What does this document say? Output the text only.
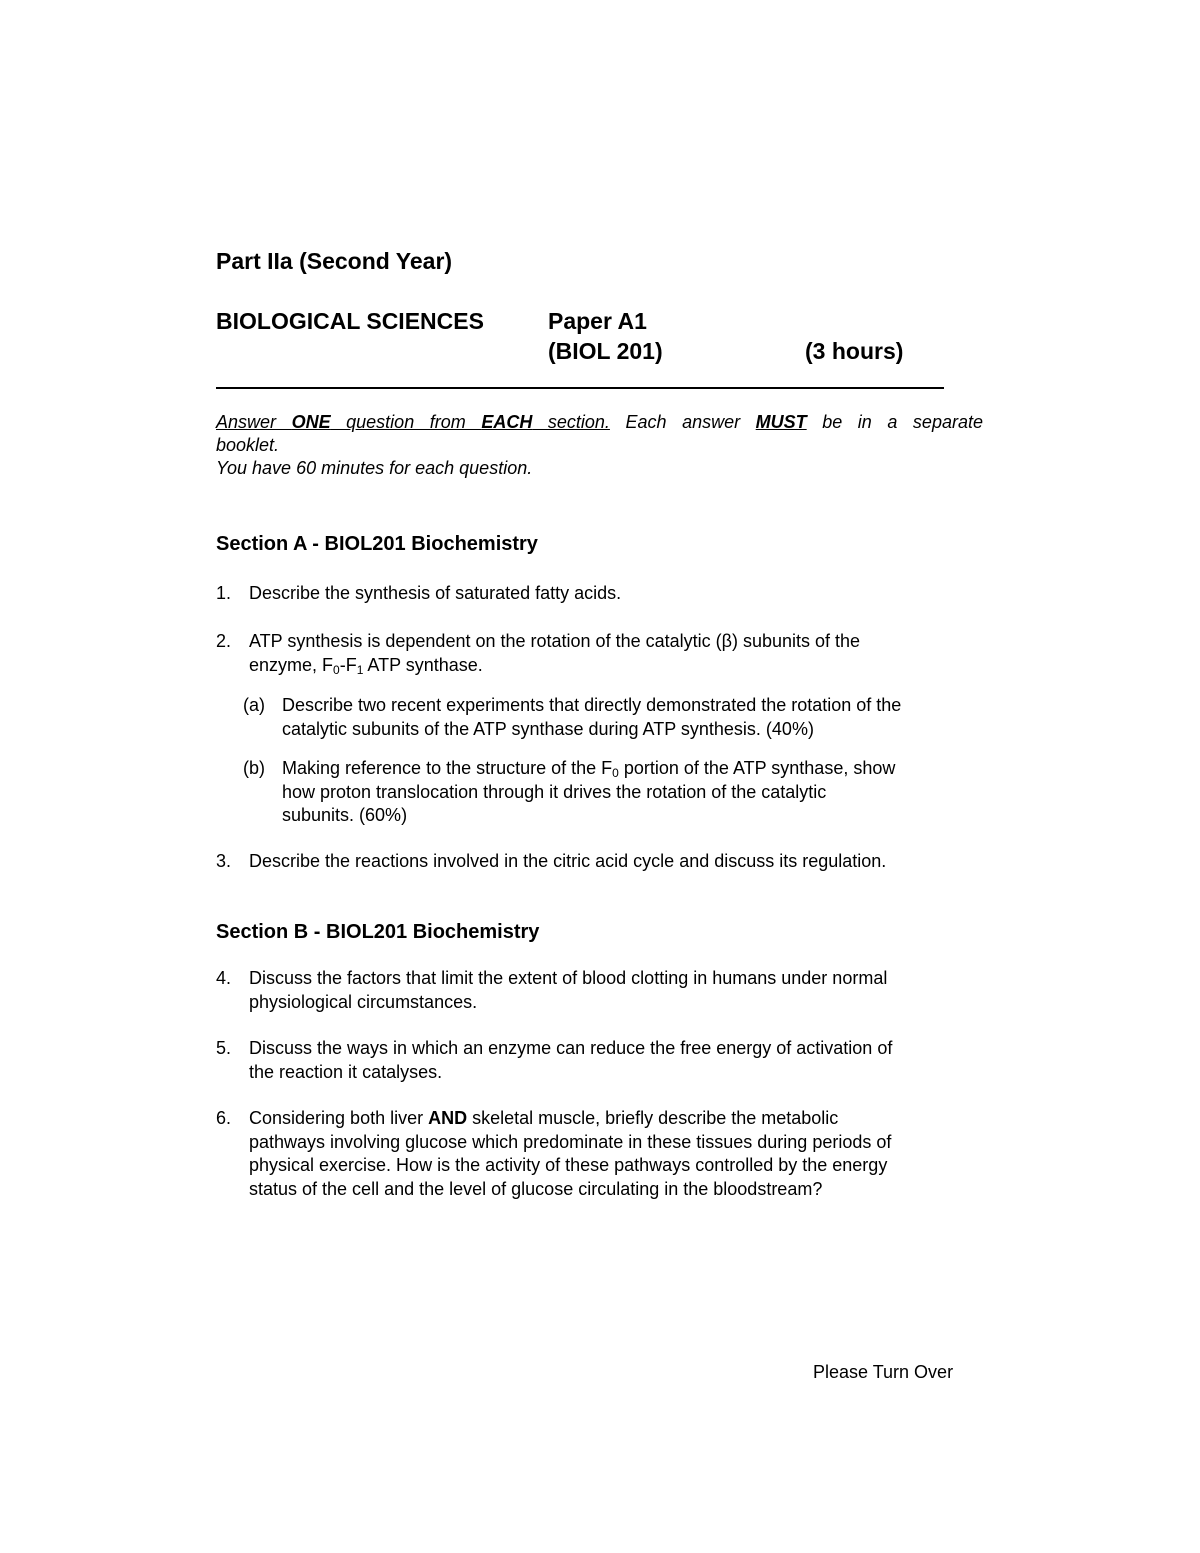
Part IIa (Second Year)
BIOLOGICAL SCIENCES	Paper A1
(BIOL 201)	(3 hours)

Answer ONE question from EACH section. Each answer MUST be in a separate

booklet.

You have 60 minutes for each question.

Section A - BIOL201 Biochemistry
1. Describe the synthesis of saturated fatty acids.
2. ATP synthesis is dependent on the rotation of the catalytic (β) subunits of the
enzyme, $F_0-F_1$ ATP synthase.
(a) Describe two recent experiments that directly demonstrated the rotation of the
catalytic subunits of the ATP synthase during ATP synthesis. (40%)
(b) Making reference to the structure of the $F_0$ portion of the ATP synthase, show
how proton translocation through it drives the rotation of the catalytic
subunits. (60%)
3. Describe the reactions involved in the citric acid cycle and discuss its regulation.
Section B - BIOL201 Biochemistry
4. Discuss the factors that limit the extent of blood clotting in humans under normal
physiological circumstances.
5. Discuss the ways in which an enzyme can reduce the free energy of activation of
the reaction it catalyses.
6. Considering both liver AND skeletal muscle, briefly describe the metabolic
pathways involving glucose which predominate in these tissues during periods of
physical exercise. How is the activity of these pathways controlled by the energy
status of the cell and the level of glucose circulating in the bloodstream?
Please Turn Over
